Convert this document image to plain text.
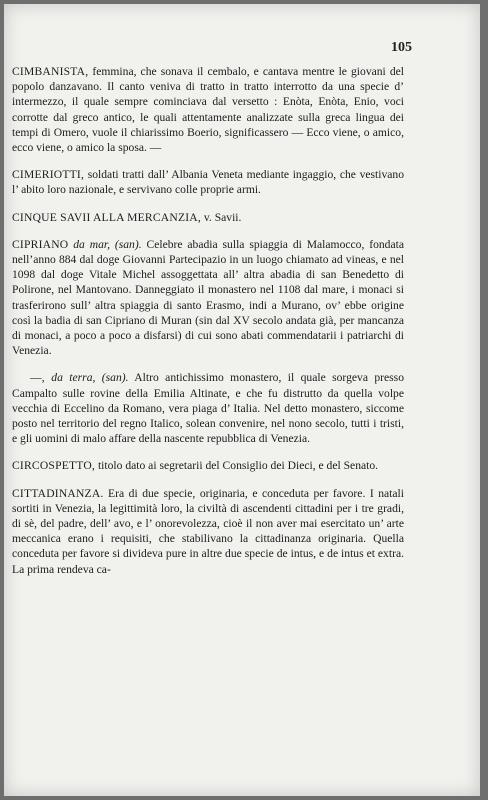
105

CIMBANISTA, femmina, che sonava il cembalo, e cantava mentre le giovani del popolo danzavano. Il canto veniva di tratto in tratto interrotto da una specie d’ intermezzo, il quale sempre cominciava dal versetto : Enòta, Enòta, Enio, voci corrotte dal greco antico, le quali attentamente analizzate sulla greca lingua dei tempi di Omero, vuole il chiarissimo Boerio, significassero — Ecco viene, o amico, ecco viene, o amico la sposa. —

CIMERIOTTI, soldati tratti dall’ Albania Veneta mediante ingaggio, che vestivano l’ abito loro nazionale, e servivano colle proprie armi.

CINQUE SAVII ALLA MERCANZIA, v. Savii.

CIPRIANO da mar, (san). Celebre abadia sulla spiaggia di Malamocco, fondata nell’anno 884 dal doge Giovanni Partecipazio in un luogo chiamato ad vineas, e nel 1098 dal doge Vitale Michel assoggettata all’ altra abadia di san Benedetto di Polirone, nel Mantovano. Danneggiato il monastero nel 1108 dal mare, i monaci si trasferirono sull’ altra spiaggia di santo Erasmo, indi a Murano, ov’ ebbe origine così la badia di san Cipriano di Muran (sin dal XV secolo andata già, per mancanza di monaci, a poco a poco a disfarsi) di cui sono abati commendatarii i patriarchi di Venezia.

—, da terra, (san). Altro antichissimo monastero, il quale sorgeva presso Campalto sulle rovine della Emilia Altinate, e che fu distrutto da quella volpe vecchia di Eccelino da Romano, vera piaga d’ Italia. Nel detto monastero, siccome posto nel territorio del regno Italico, solean convenire, nel nono secolo, tutti i tristi, e gli uomini di malo affare della nascente repubblica di Venezia.

CIRCOSPETTO, titolo dato ai segretarii del Consiglio dei Dieci, e del Senato.

CITTADINANZA. Era di due specie, originaria, e conceduta per favore. I natali sortiti in Venezia, la legittimità loro, la civiltà di ascendenti cittadini per i tre gradi, di sè, del padre, dell’ avo, e l’ onorevolezza, cioè il non aver mai esercitato un’ arte meccanica erano i requisiti, che stabilivano la cittadinanza originaria. Quella conceduta per favore si divideva pure in altre due specie de intus, e de intus et extra. La prima rendeva ca-
